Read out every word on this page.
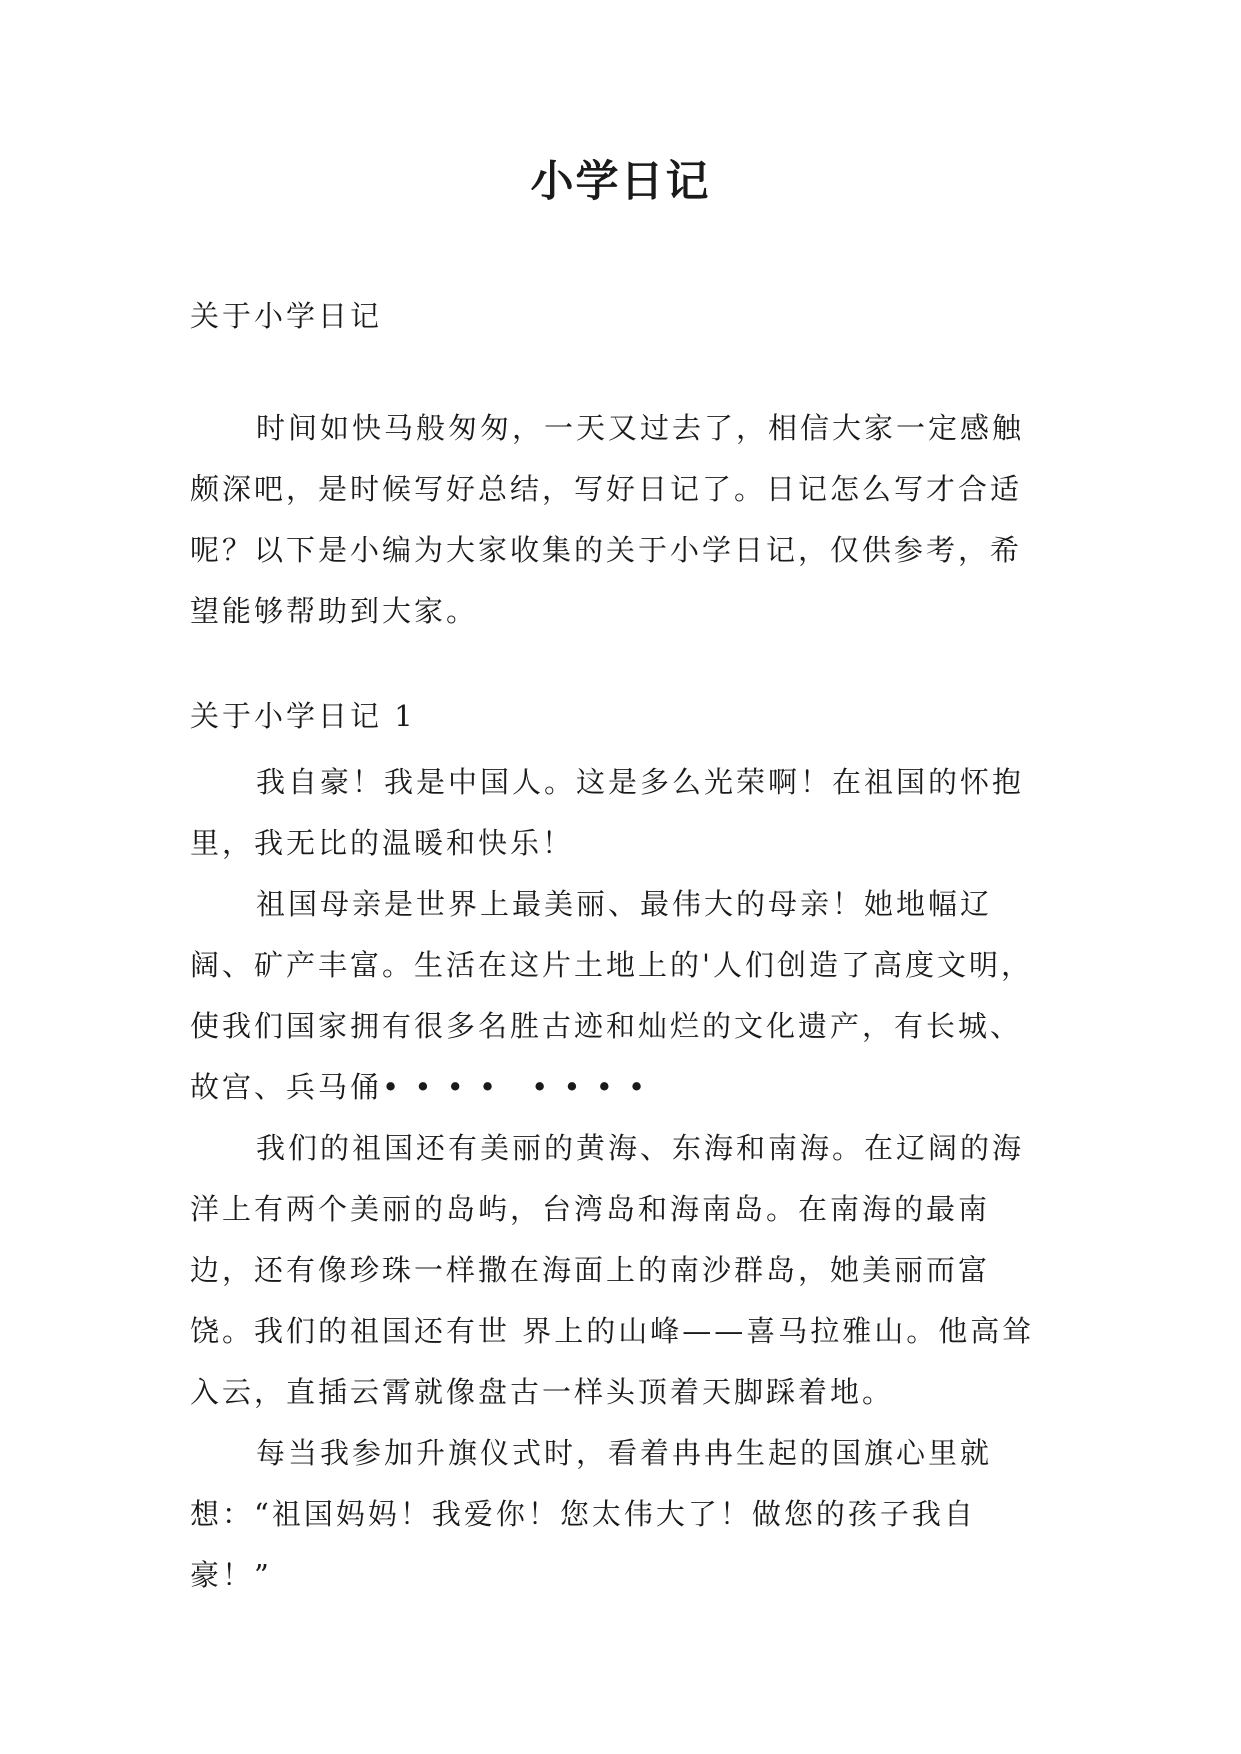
小学日记
关于小学日记

时间如快马般匆匆，一天又过去了，相信大家一定感触颇深吧，是时候写好总结，写好日记了。日记怎么写才合适呢？以下是小编为大家收集的关于小学日记，仅供参考，希望能够帮助到大家。

关于小学日记 1

我自豪！我是中国人。这是多么光荣啊！在祖国的怀抱里，我无比的温暖和快乐！

祖国母亲是世界上最美丽、最伟大的母亲！她地幅辽阔、矿产丰富。生活在这片土地上的'人们创造了高度文明，使我们国家拥有很多名胜古迹和灿烂的文化遗产，有长城、故宫、兵马俑• • • •　• • • •

我们的祖国还有美丽的黄海、东海和南海。在辽阔的海洋上有两个美丽的岛屿，台湾岛和海南岛。在南海的最南边，还有像珍珠一样撒在海面上的南沙群岛，她美丽而富饶。我们的祖国还有世 界上的山峰——喜马拉雅山。他高耸入云，直插云霄就像盘古一样头顶着天脚踩着地。

每当我参加升旗仪式时，看着冉冉生起的国旗心里就想：“祖国妈妈！我爱你！您太伟大了！做您的孩子我自豪！”
